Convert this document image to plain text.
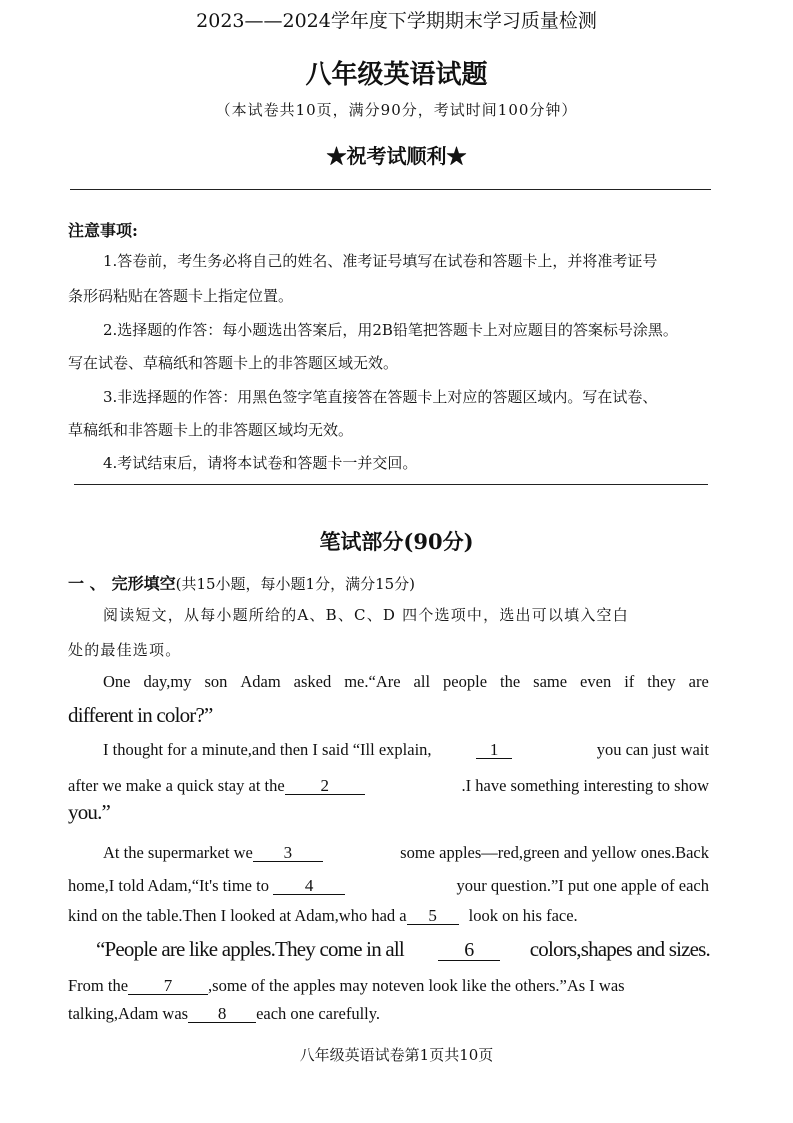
2023——2024学年度下学期期末学习质量检测
八年级英语试题
（本试卷共10页，满分90分，考试时间100分钟）
★祝考试顺利★
注意事项:
1.答卷前，考生务必将自己的姓名、准考证号填写在试卷和答题卡上，并将准考证号
条形码粘贴在答题卡上指定位置。
2.选择题的作答：每小题选出答案后，用2B铅笔把答题卡上对应题目的答案标号涂黑。
写在试卷、草稿纸和答题卡上的非答题区域无效。
3.非选择题的作答：用黑色签字笔直接答在答题卡上对应的答题区域内。写在试卷、
草稿纸和非答题卡上的非答题区域均无效。
4.考试结束后，请将本试卷和答题卡一并交回。
笔试部分(90分)
一 、 完形填空(共15小题，每小题1分，满分15分)
阅读短文，从每小题所给的A、B、C、D 四个选项中，选出可以填入空白
处的最佳选项。
One day,my son Adam asked me.“Are all people the same even if they are
different in color?”
I thought for a minute,and then I said “Ill explain,	1	you can just wait
after we make a quick stay at the 2	.I have something interesting to show
you.”
At the supermarket we 3	some apples—red,green and yellow ones.Back
home,I told Adam,“It's time to 4	your question.”I put one apple of each
kind on the table.Then I looked at Adam,who had a 5 look on his face.
“People are like apples.They come in all	6	colors,shapes and sizes.
From the 7 ,some of the apples may noteven look like the others.”As I was
talking,Adam was 8 each one carefully.
八年级英语试卷第1页共10页
